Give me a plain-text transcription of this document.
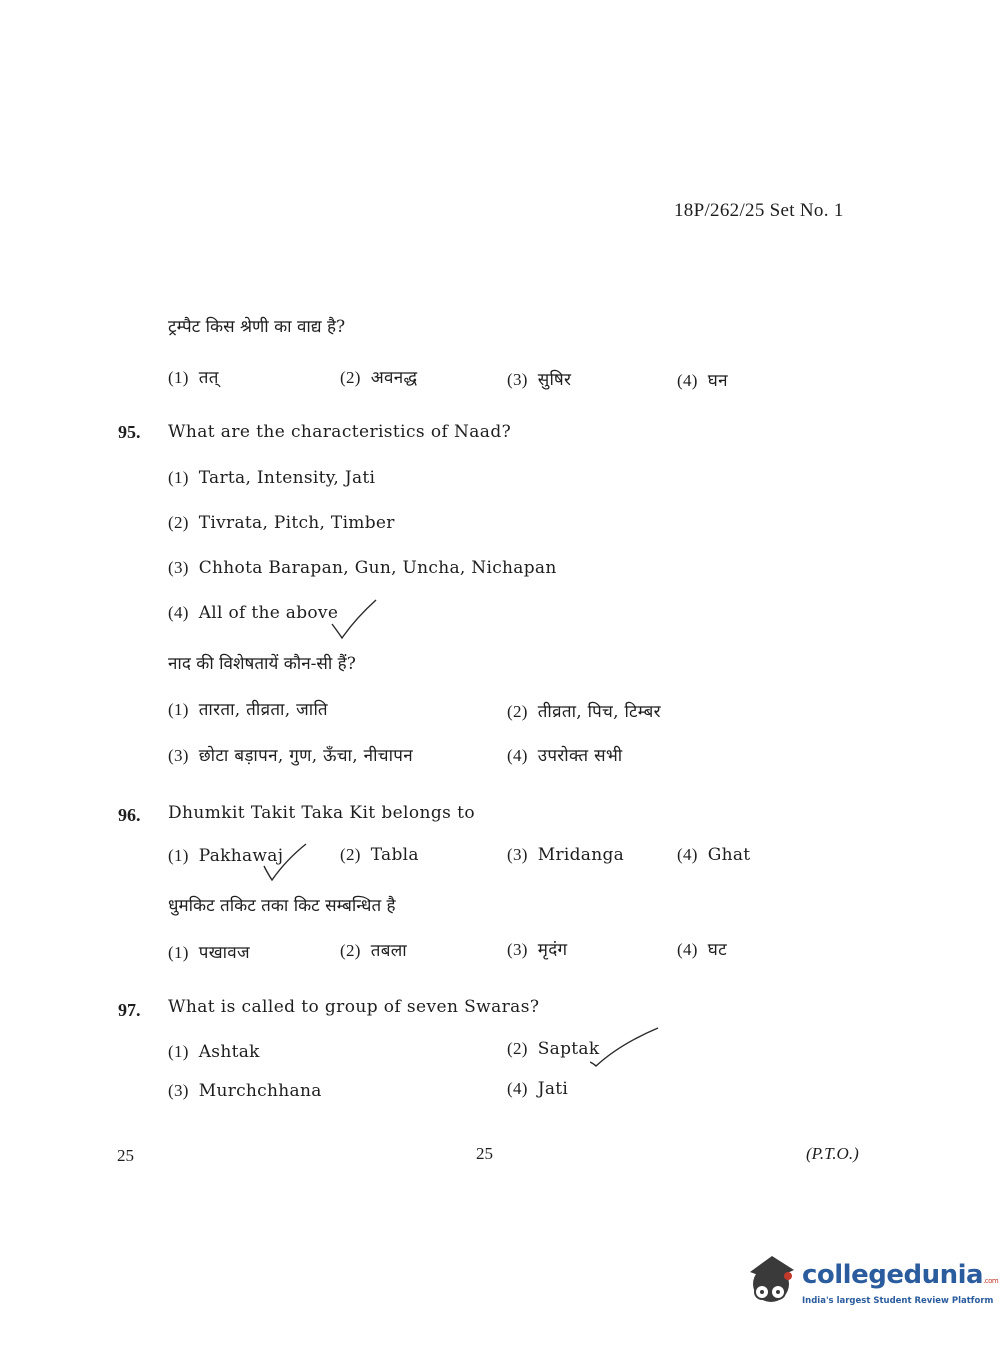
18P/262/25 Set No. 1
ट्रम्पैट किस श्रेणी का वाद्य है?
(1) तत्	(2) अवनद्ध	(3) सुषिर	(4) घन
95. What are the characteristics of Naad?
(1) Tarta, Intensity, Jati
(2) Tivrata, Pitch, Timber
(3) Chhota Barapan, Gun, Uncha, Nichapan
(4) All of the above
नाद की विशेषतायें कौन-सी हैं?
(1) तारता, तीव्रता, जाति	(2) तीव्रता, पिच, टिम्बर
(3) छोटा बड़ापन, गुण, ऊँचा, नीचापन	(4) उपरोक्त सभी
96. Dhumkit Takit Taka Kit belongs to
(1) Pakhawaj	(2) Tabla	(3) Mridanga	(4) Ghat
धुमकिट तकिट तका किट सम्बन्धित है
(1) पखावज	(2) तबला	(3) मृदंग	(4) घट
97. What is called to group of seven Swaras?
(1) Ashtak	(2) Saptak
(3) Murchchhana	(4) Jati
25	25	(P.T.O.)
collegedunia.com
India's largest Student Review Platform
